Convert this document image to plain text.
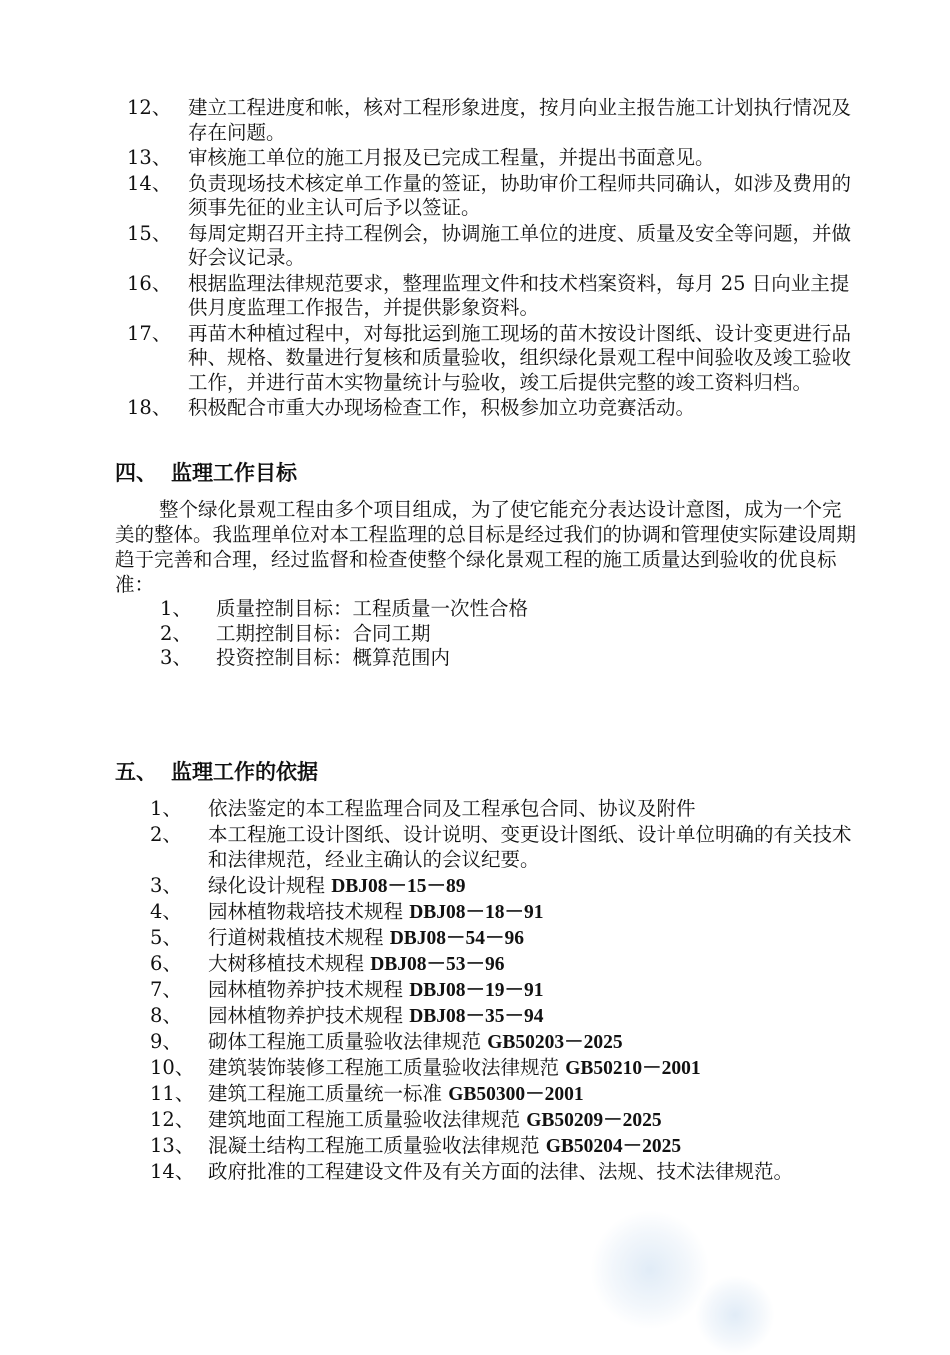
12、 建立工程进度和帐，核对工程形象进度，按月向业主报告施工计划执行情况及存在问题。
13、 审核施工单位的施工月报及已完成工程量，并提出书面意见。
14、 负责现场技术核定单工作量的签证，协助审价工程师共同确认，如涉及费用的须事先征的业主认可后予以签证。
15、 每周定期召开主持工程例会，协调施工单位的进度、质量及安全等问题，并做好会议记录。
16、 根据监理法律规范要求，整理监理文件和技术档案资料，每月 25 日向业主提供月度监理工作报告，并提供影象资料。
17、 再苗木种植过程中，对每批运到施工现场的苗木按设计图纸、设计变更进行品种、规格、数量进行复核和质量验收，组织绿化景观工程中间验收及竣工验收工作，并进行苗木实物量统计与验收，竣工后提供完整的竣工资料归档。
18、 积极配合市重大办现场检查工作，积极参加立功竞赛活动。
四、 监理工作目标

整个绿化景观工程由多个项目组成，为了使它能充分表达设计意图，成为一个完美的整体。我监理单位对本工程监理的总目标是经过我们的协调和管理使实际建设周期趋于完善和合理，经过监督和检查使整个绿化景观工程的施工质量达到验收的优良标准：

1、 质量控制目标：工程质量一次性合格
2、 工期控制目标：合同工期
3、 投资控制目标：概算范围内
五、 监理工作的依据
1、 依法鉴定的本工程监理合同及工程承包合同、协议及附件
2、 本工程施工设计图纸、设计说明、变更设计图纸、设计单位明确的有关技术和法律规范，经业主确认的会议纪要。
3、 绿化设计规程 DBJ08－15－89
4、 园林植物栽培技术规程 DBJ08－18－91
5、 行道树栽植技术规程 DBJ08－54－96
6、 大树移植技术规程 DBJ08－53－96
7、 园林植物养护技术规程 DBJ08－19－91
8、 园林植物养护技术规程 DBJ08－35－94
9、 砌体工程施工质量验收法律规范 GB50203－2025
10、 建筑装饰装修工程施工质量验收法律规范 GB50210－2001
11、 建筑工程施工质量统一标准 GB50300－2001
12、 建筑地面工程施工质量验收法律规范 GB50209－2025
13、 混凝土结构工程施工质量验收法律规范 GB50204－2025
14、 政府批准的工程建设文件及有关方面的法律、法规、技术法律规范。
